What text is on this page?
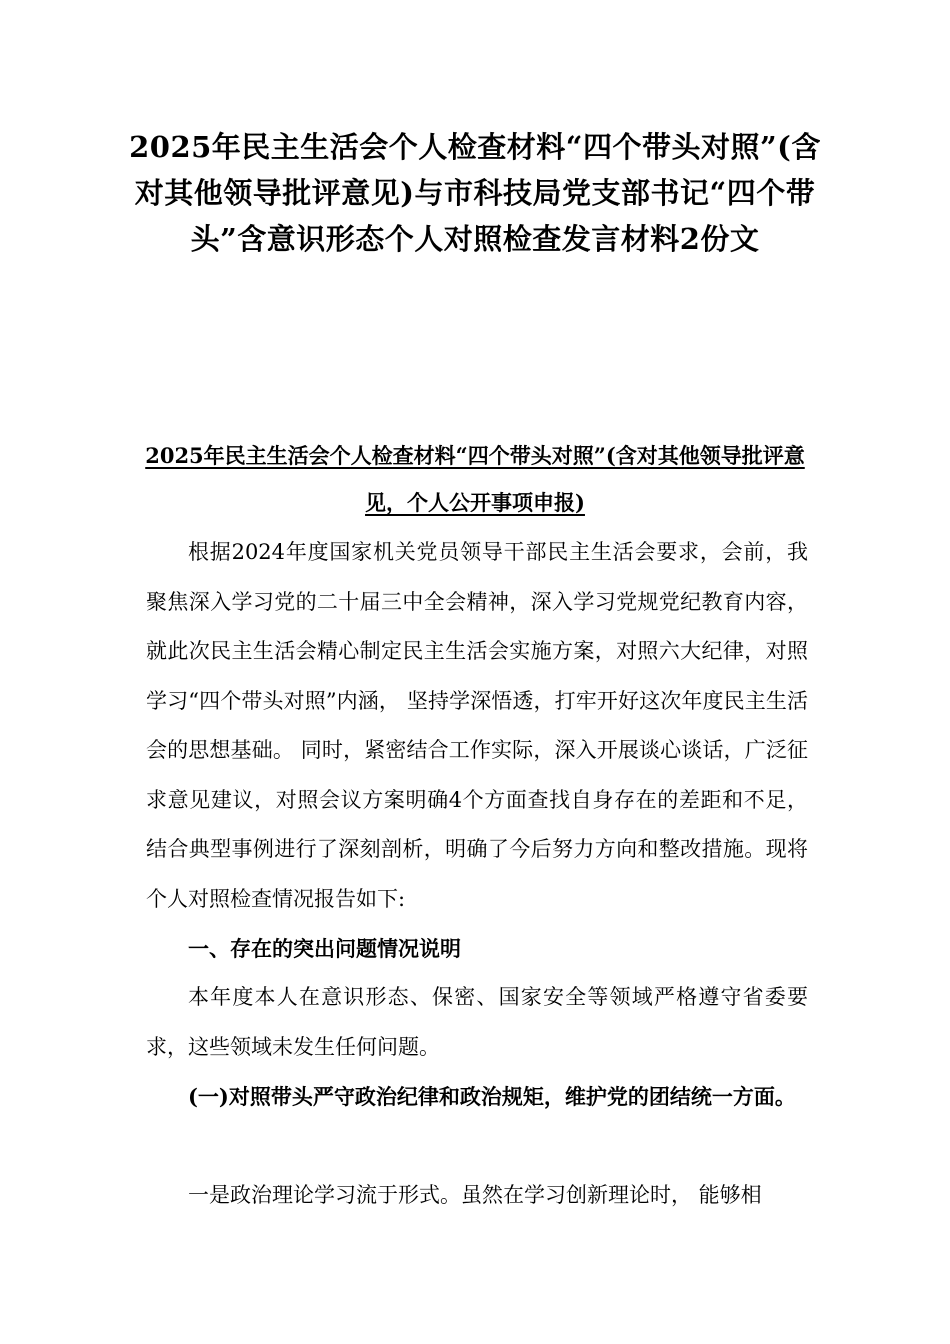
2025年民主生活会个人检查材料“四个带头对照”(含对其他领导批评意见)与市科技局党支部书记“四个带头”含意识形态个人对照检查发言材料2份文
2025年民主生活会个人检查材料“四个带头对照”(含对其他领导批评意见，个人公开事项申报)

根据2024年度国家机关党员领导干部民主生活会要求，会前，我聚焦深入学习党的二十届三中全会精神，深入学习党规党纪教育内容，就此次民主生活会精心制定民主生活会实施方案，对照六大纪律，对照学习“四个带头对照”内涵， 坚持学深悟透，打牢开好这次年度民主生活会的思想基础。 同时，紧密结合工作实际，深入开展谈心谈话，广泛征求意见建议，对照会议方案明确4个方面查找自身存在的差距和不足，结合典型事例进行了深刻剖析，明确了今后努力方向和整改措施。现将个人对照检查情况报告如下:

一、存在的突出问题情况说明

本年度本人在意识形态、保密、国家安全等领域严格遵守省委要求，这些领域未发生任何问题。

(一)对照带头严守政治纪律和政治规矩，维护党的团结统一方面。

一是政治理论学习流于形式。虽然在学习创新理论时， 能够相
